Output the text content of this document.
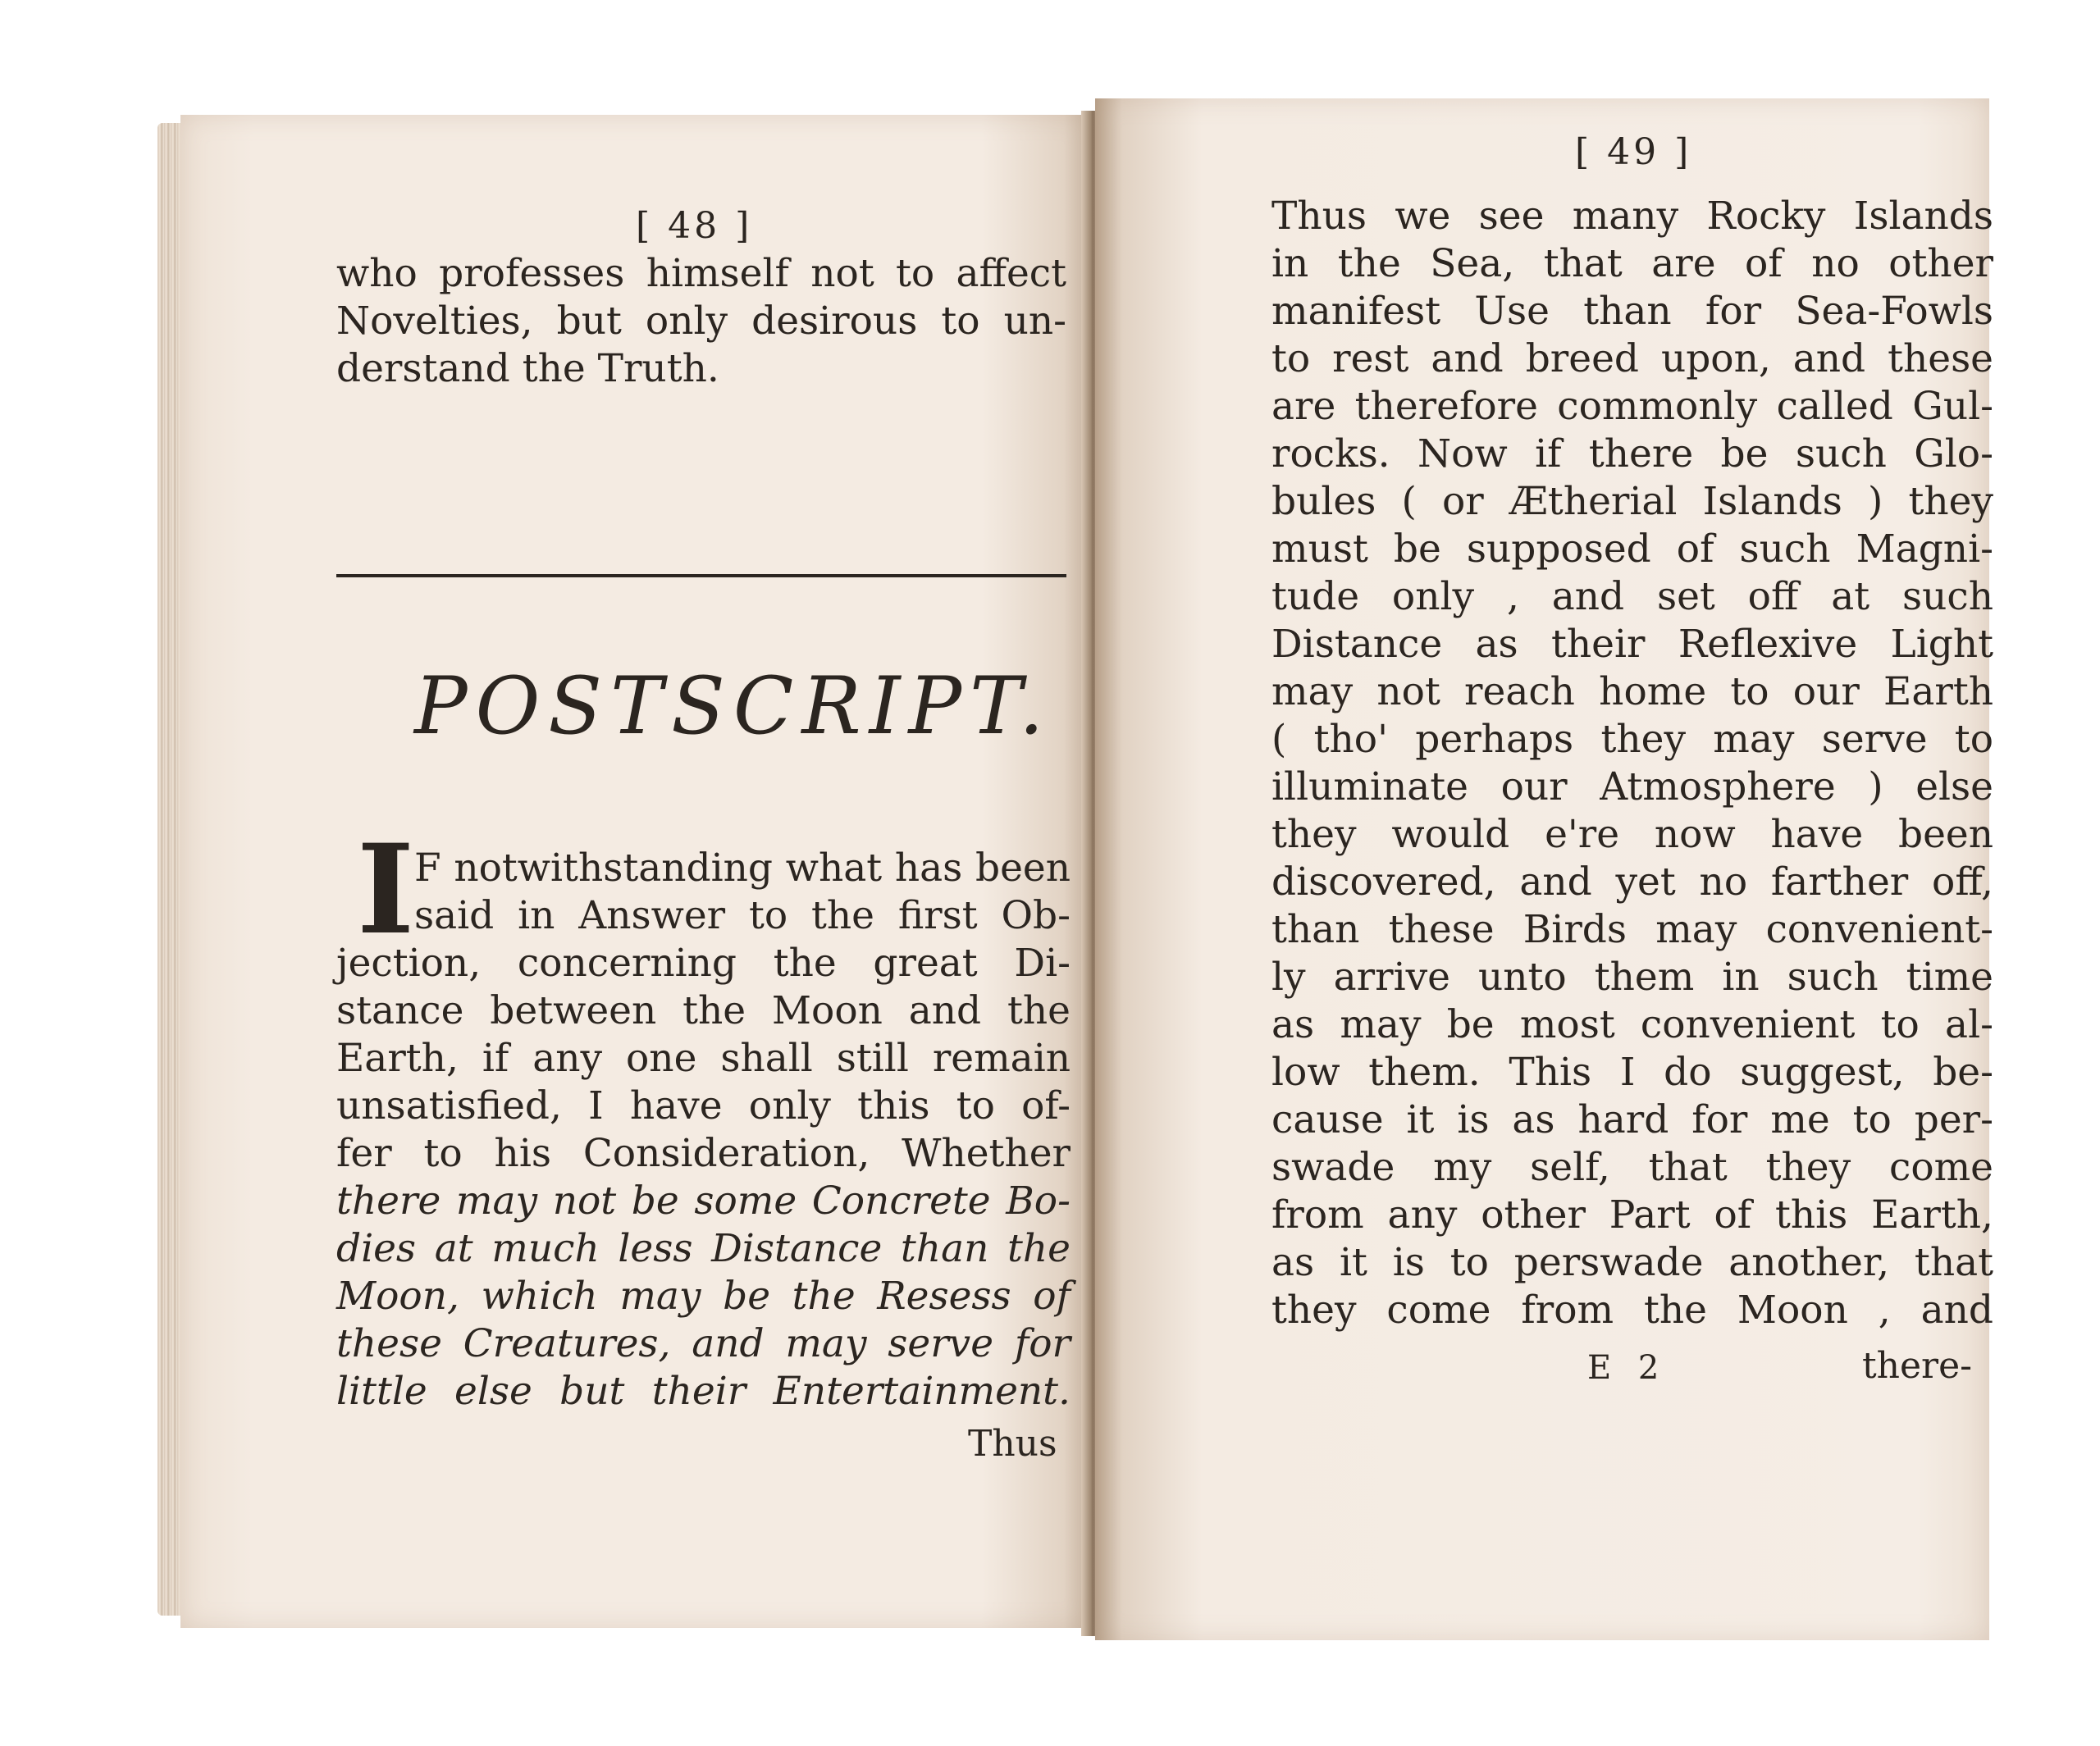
[ 48 ]
who professes himself not to affect
Novelties, but only desirous to un-
derstand the Truth.
POSTSCRIPT.
I F notwithstanding what has been
said in Answer to the first Ob-
jection, concerning the great Di-
stance between the Moon and the
Earth, if any one shall still remain
unsatisfied, I have only this to of-
fer to his Consideration, Whether
there may not be some Concrete Bo-
dies at much less Distance than the
Moon, which may be the Resess of
these Creatures, and may serve for
little else but their Entertainment.
Thus
[ 49 ]
Thus we see many Rocky Islands
in the Sea, that are of no other
manifest Use than for Sea-Fowls
to rest and breed upon, and these
are therefore commonly called Gul-
rocks. Now if there be such Glo-
bules ( or Ætherial Islands ) they
must be supposed of such Magni-
tude only , and set off at such
Distance as their Reflexive Light
may not reach home to our Earth
( tho' perhaps they may serve to
illuminate our Atmosphere ) else
they would e're now have been
discovered, and yet no farther off,
than these Birds may convenient-
ly arrive unto them in such time
as may be most convenient to al-
low them. This I do suggest, be-
cause it is as hard for me to per-
swade my self, that they come
from any other Part of this Earth,
as it is to perswade another, that
they come from the Moon , and
E 2	there-
